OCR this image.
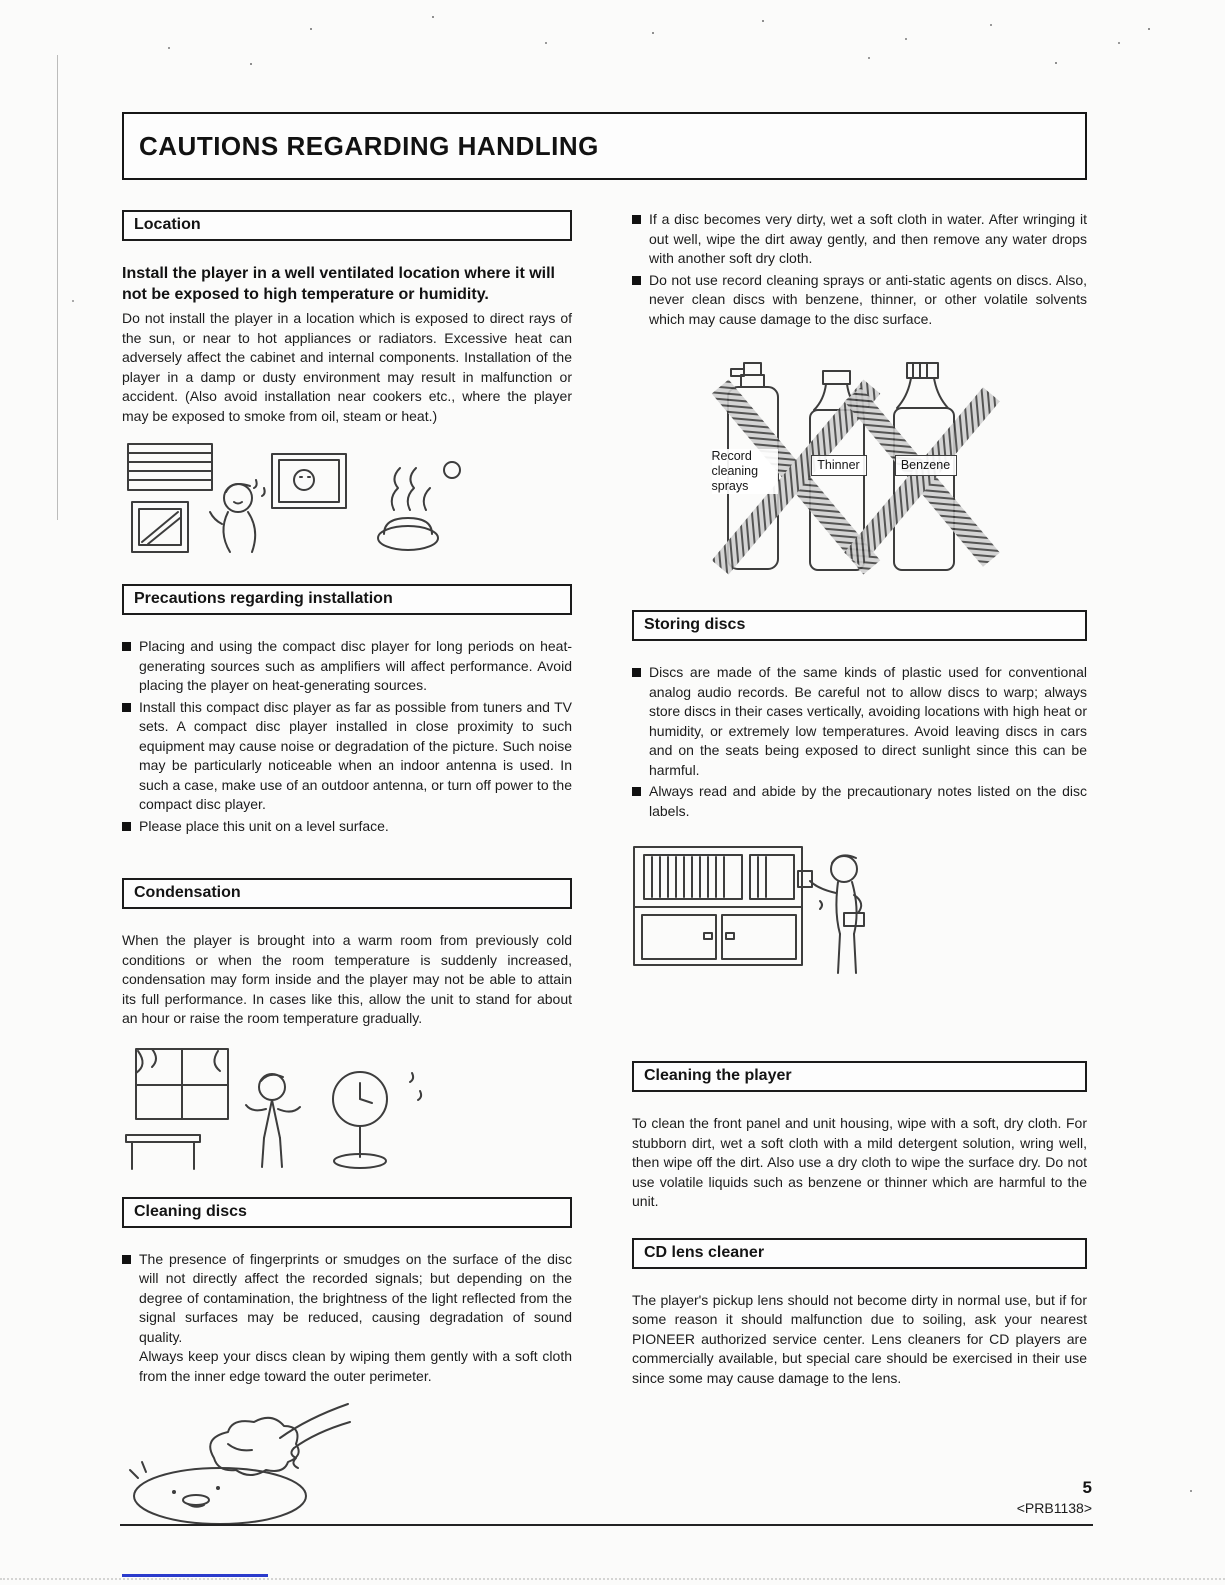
CAUTIONS REGARDING HANDLING
Location

Install the player in a well ventilated location where it will not be exposed to high temperature or humidity.

Do not install the player in a location which is exposed to direct rays of the sun, or near to hot appliances or radiators. Excessive heat can adversely affect the cabinet and internal components. Installation of the player in a damp or dusty environment may result in malfunction or accident. (Also avoid installation near cookers etc., where the player may be exposed to smoke from oil, steam or heat.)

Precautions regarding installation
Placing and using the compact disc player for long periods on heat-generating sources such as amplifiers will affect performance. Avoid placing the player on heat-generating sources.
Install this compact disc player as far as possible from tuners and TV sets. A compact disc player installed in close proximity to such equipment may cause noise or degradation of the picture. Such noise may be particularly noticeable when an indoor antenna is used. In such a case, make use of an outdoor antenna, or turn off power to the compact disc player.
Please place this unit on a level surface.
Condensation

When the player is brought into a warm room from previously cold conditions or when the room temperature is suddenly increased, condensation may form inside and the player may not be able to attain its full performance. In cases like this, allow the unit to stand for about an hour or raise the room temperature gradually.

Cleaning discs

The presence of fingerprints or smudges on the surface of the disc will not directly affect the recorded signals; but depending on the degree of contamination, the brightness of the light reflected from the signal surfaces may be reduced, causing degradation of sound quality.

Always keep your discs clean by wiping them gently with a soft cloth from the inner edge toward the outer perimeter.

If a disc becomes very dirty, wet a soft cloth in water. After wringing it out well, wipe the dirt away gently, and then remove any water drops with another soft dry cloth.
Do not use record cleaning sprays or anti-static agents on discs. Also, never clean discs with benzene, thinner, or other volatile solvents which may cause damage to the disc surface.
Record cleaning sprays
Thinner	Benzene
Storing discs
Discs are made of the same kinds of plastic used for conventional analog audio records. Be careful not to allow discs to warp; always store discs in their cases vertically, avoiding locations with high heat or humidity, or extremely low temperatures. Avoid leaving discs in cars and on the seats being exposed to direct sunlight since this can be harmful.
Always read and abide by the precautionary notes listed on the disc labels.
Cleaning the player

To clean the front panel and unit housing, wipe with a soft, dry cloth. For stubborn dirt, wet a soft cloth with a mild detergent solution, wring well, then wipe off the dirt. Also use a dry cloth to wipe the surface dry. Do not use volatile liquids such as benzene or thinner which are harmful to the unit.

CD lens cleaner

The player's pickup lens should not become dirty in normal use, but if for some reason it should malfunction due to soiling, ask your nearest PIONEER authorized service center. Lens cleaners for CD players are commercially available, but special care should be exercised in their use since some may cause damage to the lens.

5
<PRB1138>
